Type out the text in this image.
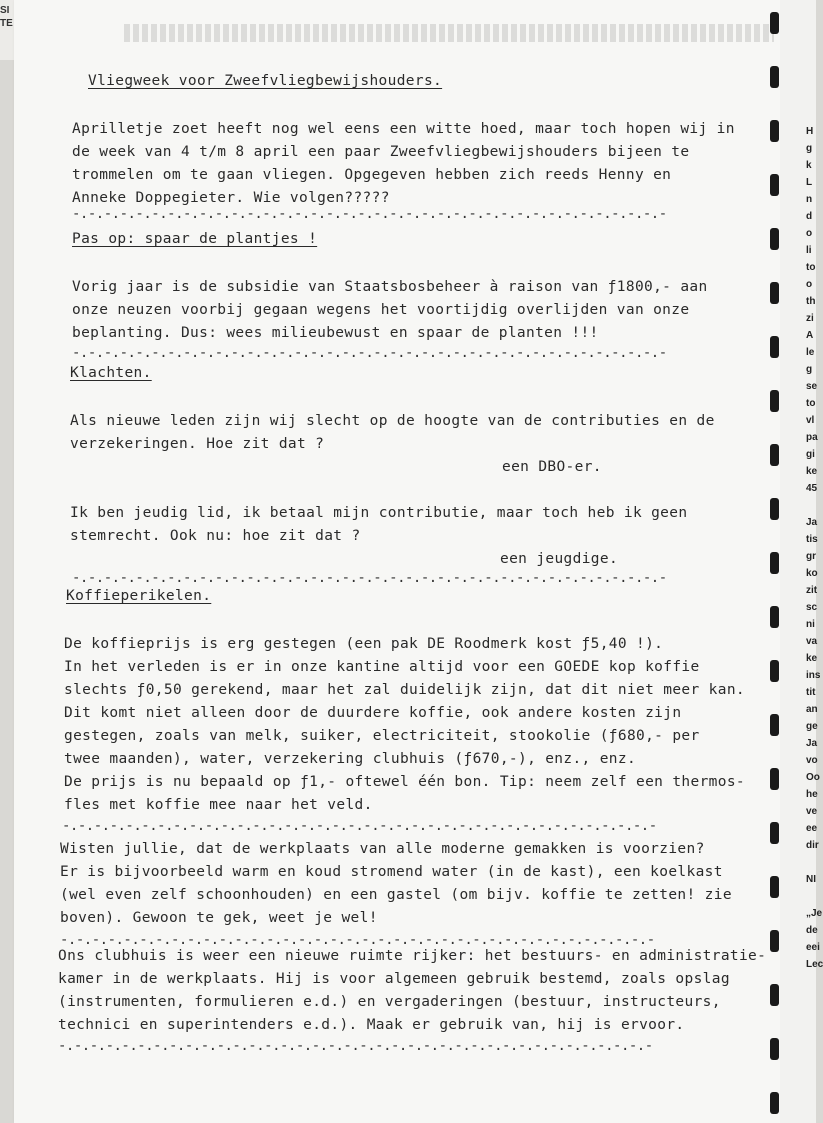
SI
TE
H
g
k
L
n
d
o
li
to
o
th
zi
A
le
g
se
to
vl
pa
gi
ke
45
Ja
tis
gr
ko
zit
sc
ni
va
ke
ins
tit
an
ge
Ja
vo
Oo
he
ve
ee
dir
NI
„Je
de
eei
Lec
Vliegweek voor Zweefvliegbewijshouders.
Aprilletje zoet heeft nog wel eens een witte hoed, maar toch hopen wij in
de week van 4 t/m 8 april een paar Zweefvliegbewijshouders bijeen te
trommelen om te gaan vliegen. Opgegeven hebben zich reeds Henny en
Anneke Doppegieter. Wie volgen?????
-.-.-.-.-.-.-.-.-.-.-.-.-.-.-.-.-.-.-.-.-.-.-.-.-.-.-.-.-.-.-.-.-.-.-.-.-.-
Pas op: spaar de plantjes !
Vorig jaar is de subsidie van Staatsbosbeheer à raison van ƒ1800,- aan
onze neuzen voorbij gegaan wegens het voortijdig overlijden van onze
beplanting. Dus: wees milieubewust en spaar de planten !!!
-.-.-.-.-.-.-.-.-.-.-.-.-.-.-.-.-.-.-.-.-.-.-.-.-.-.-.-.-.-.-.-.-.-.-.-.-.-
Klachten.
Als nieuwe leden zijn wij slecht op de hoogte van de contributies en de
verzekeringen. Hoe zit dat ?
een DBO-er.
Ik ben jeudig lid, ik betaal mijn contributie, maar toch heb ik geen
stemrecht. Ook nu: hoe zit dat ?
een jeugdige.
-.-.-.-.-.-.-.-.-.-.-.-.-.-.-.-.-.-.-.-.-.-.-.-.-.-.-.-.-.-.-.-.-.-.-.-.-.-
Koffieperikelen.
De koffieprijs is erg gestegen (een pak DE Roodmerk kost ƒ5,40 !).
In het verleden is er in onze kantine altijd voor een GOEDE kop koffie
slechts ƒ0,50 gerekend, maar het zal duidelijk zijn, dat dit niet meer kan.
Dit komt niet alleen door de duurdere koffie, ook andere kosten zijn
gestegen, zoals van melk, suiker, electriciteit, stookolie (ƒ680,- per
twee maanden), water, verzekering clubhuis (ƒ670,-), enz., enz.
De prijs is nu bepaald op ƒ1,- oftewel één bon. Tip: neem zelf een thermos-
fles met koffie mee naar het veld.
-.-.-.-.-.-.-.-.-.-.-.-.-.-.-.-.-.-.-.-.-.-.-.-.-.-.-.-.-.-.-.-.-.-.-.-.-.-
Wisten jullie, dat de werkplaats van alle moderne gemakken is voorzien?
Er is bijvoorbeeld warm en koud stromend water (in de kast), een koelkast
(wel even zelf schoonhouden) en een gastel (om bijv. koffie te zetten! zie
boven). Gewoon te gek, weet je wel!
-.-.-.-.-.-.-.-.-.-.-.-.-.-.-.-.-.-.-.-.-.-.-.-.-.-.-.-.-.-.-.-.-.-.-.-.-.-
Ons clubhuis is weer een nieuwe ruimte rijker: het bestuurs- en administratie-
kamer in de werkplaats. Hij is voor algemeen gebruik bestemd, zoals opslag
(instrumenten, formulieren e.d.) en vergaderingen (bestuur, instructeurs,
technici en superintenders e.d.). Maak er gebruik van, hij is ervoor.
-.-.-.-.-.-.-.-.-.-.-.-.-.-.-.-.-.-.-.-.-.-.-.-.-.-.-.-.-.-.-.-.-.-.-.-.-.-
